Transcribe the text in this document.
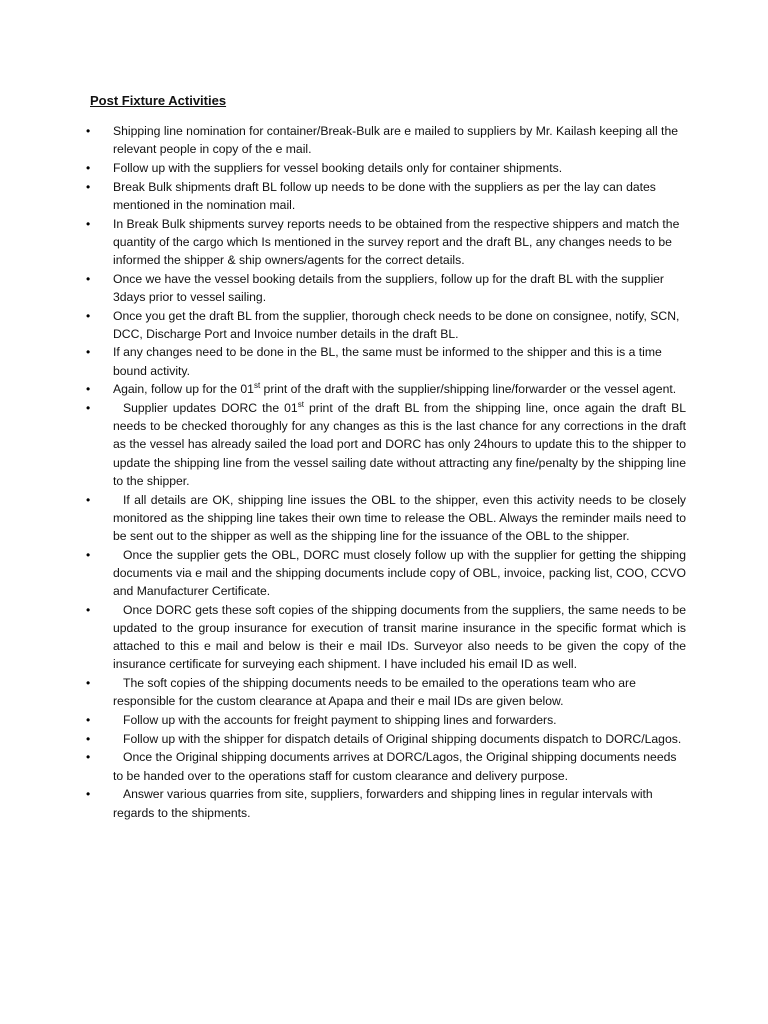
Post Fixture Activities
•	Shipping line nomination for container/Break-Bulk are e mailed to suppliers by Mr. Kailash keeping all the relevant people in copy of the e mail.
•	Follow up with the suppliers for vessel booking details only for container shipments.
•	Break Bulk shipments draft BL follow up needs to be done with the suppliers as per the lay can dates mentioned in the nomination mail.
•	In Break Bulk shipments survey reports needs to be obtained from the respective shippers and match the quantity of the cargo which Is mentioned in the survey report and the draft BL, any changes needs to be informed the shipper & ship owners/agents for the correct details.
•	Once we have the vessel booking details from the suppliers, follow up for the draft BL with the supplier 3days prior to vessel sailing.
•	Once you get the draft BL from the supplier, thorough check needs to be done on consignee, notify, SCN, DCC, Discharge Port and Invoice number details in the draft BL.
•	If any changes need to be done in the BL, the same must be informed to the shipper and this is a time bound activity.
•	Again, follow up for the 01st print of the draft with the supplier/shipping line/forwarder or the vessel agent.
•	Supplier updates DORC the 01st print of the draft BL from the shipping line, once again the draft BL needs to be checked thoroughly for any changes as this is the last chance for any corrections in the draft as the vessel has already sailed the load port and DORC has only 24hours to update this to the shipper to update the shipping line from the vessel sailing date without attracting any fine/penalty by the shipping line to the shipper.
•	If all details are OK, shipping line issues the OBL to the shipper, even this activity needs to be closely monitored as the shipping line takes their own time to release the OBL. Always the reminder mails need to be sent out to the shipper as well as the shipping line for the issuance of the OBL to the shipper.
•	Once the supplier gets the OBL, DORC must closely follow up with the supplier for getting the shipping documents via e mail and the shipping documents include copy of OBL, invoice, packing list, COO, CCVO and Manufacturer Certificate.
•	Once DORC gets these soft copies of the shipping documents from the suppliers, the same needs to be updated to the group insurance for execution of transit marine insurance in the specific format which is attached to this e mail and below is their e mail IDs. Surveyor also needs to be given the copy of the insurance certificate for surveying each shipment. I have included his email ID as well.
•	The soft copies of the shipping documents needs to be emailed to the operations team who are responsible for the custom clearance at Apapa and their e mail IDs are given below.
•	Follow up with the accounts for freight payment to shipping lines and forwarders.
•	Follow up with the shipper for dispatch details of Original shipping documents dispatch to DORC/Lagos.
•	Once the Original shipping documents arrives at DORC/Lagos, the Original shipping documents needs to be handed over to the operations staff for custom clearance and delivery purpose.
•	Answer various quarries from site, suppliers, forwarders and shipping lines in regular intervals with regards to the shipments.
